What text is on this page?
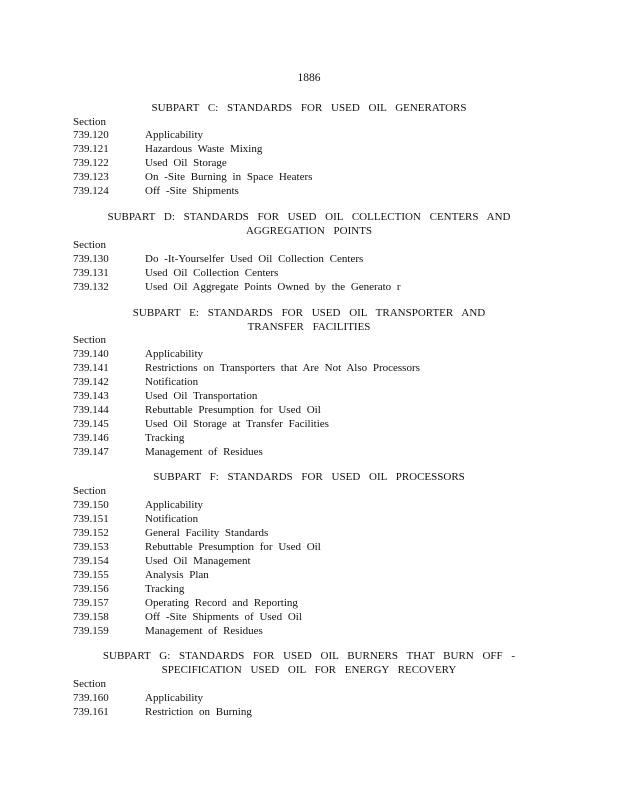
1886
SUBPART C: STANDARDS FOR USED OIL GENERATORS
Section
739.120	Applicability
739.121	Hazardous Waste Mixing
739.122	Used Oil Storage
739.123	On -Site Burning in Space Heaters
739.124	Off -Site Shipments
SUBPART D: STANDARDS FOR USED OIL COLLECTION CENTERS AND
AGGREGATION POINTS
Section
739.130	Do -It-Yourselfer Used Oil Collection Centers
739.131	Used Oil Collection Centers
739.132	Used Oil Aggregate Points Owned by the Generato r
SUBPART E: STANDARDS FOR USED OIL TRANSPORTER AND
TRANSFER FACILITIES
Section
739.140	Applicability
739.141	Restrictions on Transporters that Are Not Also Processors
739.142	Notification
739.143	Used Oil Transportation
739.144	Rebuttable Presumption for Used Oil
739.145	Used Oil Storage at Transfer Facilities
739.146	Tracking
739.147	Management of Residues
SUBPART F: STANDARDS FOR USED OIL PROCESSORS
Section
739.150	Applicability
739.151	Notification
739.152	General Facility Standards
739.153	Rebuttable Presumption for Used Oil
739.154	Used Oil Management
739.155	Analysis Plan
739.156	Tracking
739.157	Operating Record and Reporting
739.158	Off -Site Shipments of Used Oil
739.159	Management of Residues
SUBPART G: STANDARDS FOR USED OIL BURNERS THAT BURN OFF -
SPECIFICATION USED OIL FOR ENERGY RECOVERY
Section
739.160	Applicability
739.161	Restriction on Burning
